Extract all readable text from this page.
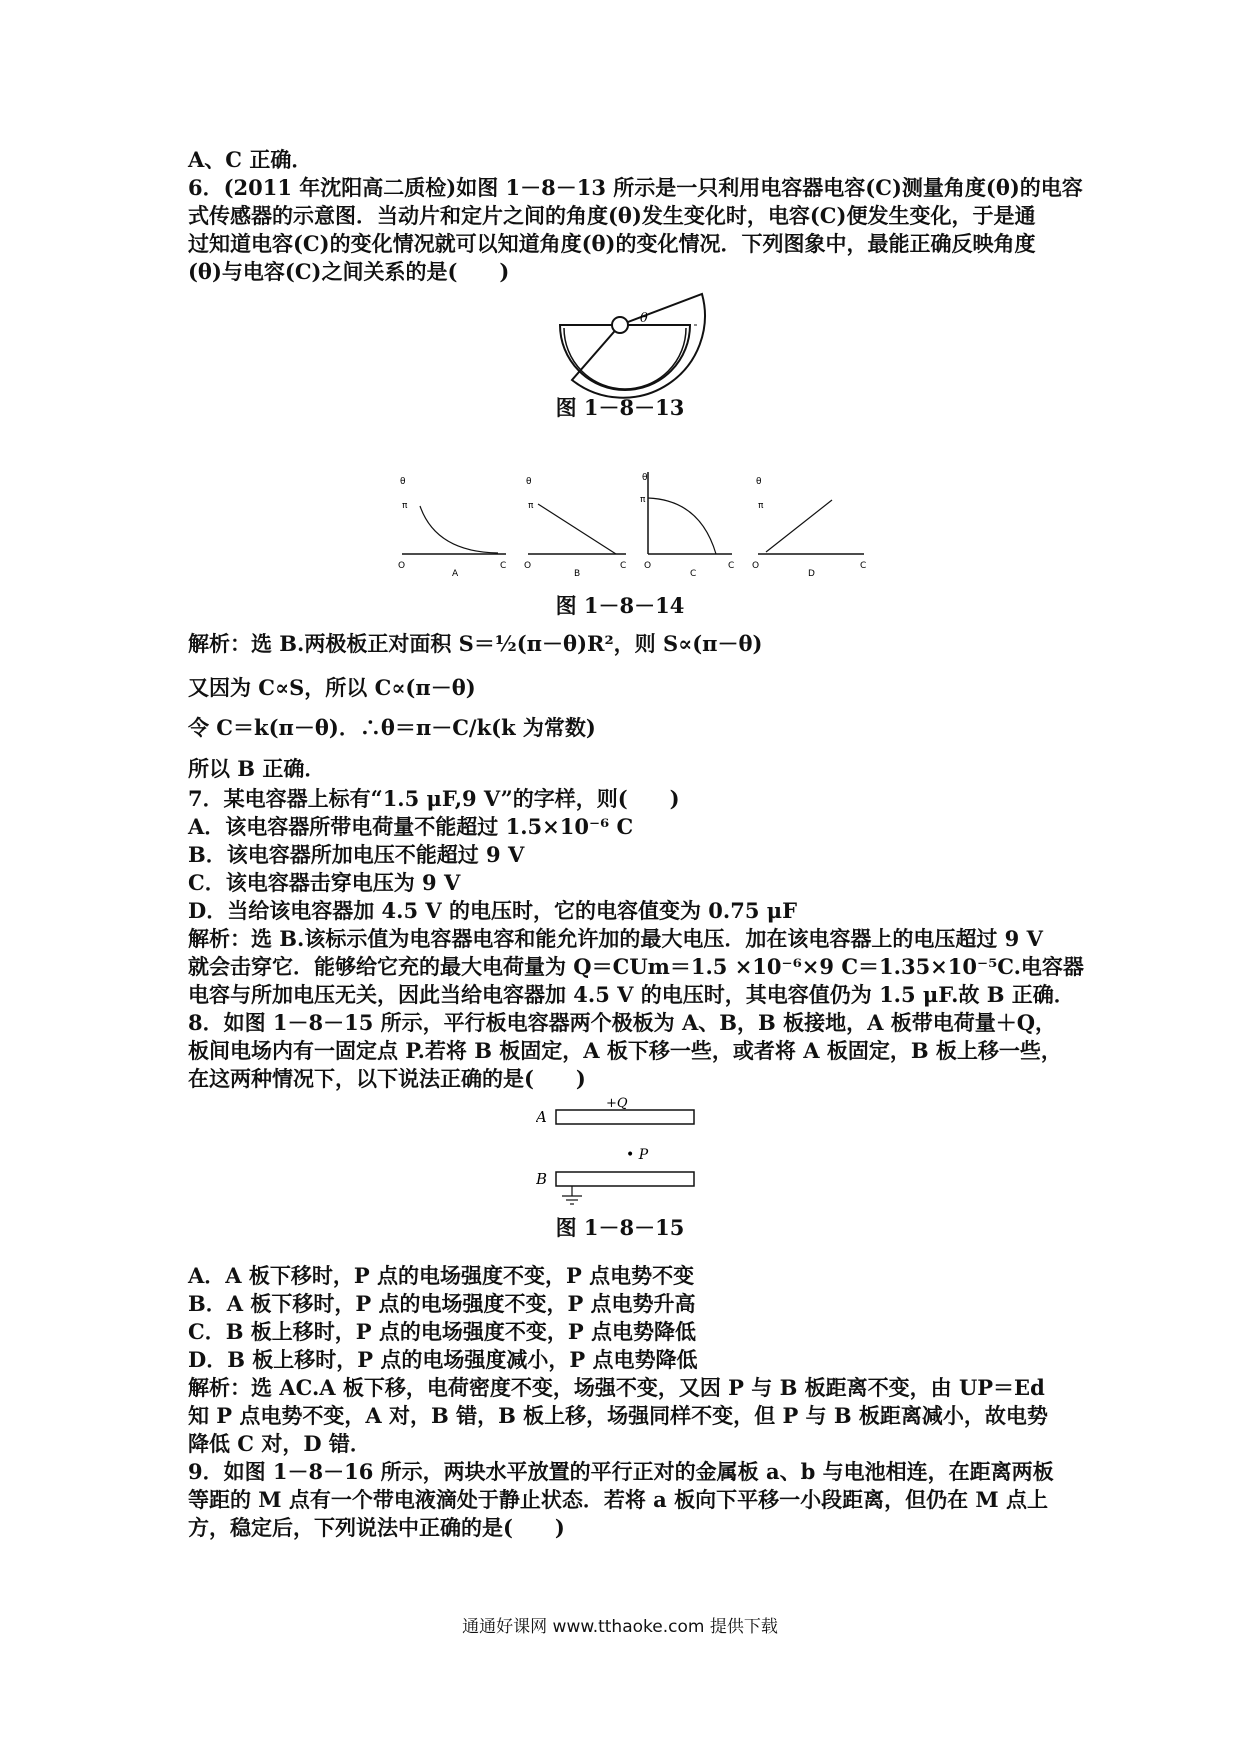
A、C 正确．
6．(2011 年沈阳高二质检)如图 1－8－13 所示是一只利用电容器电容(C)测量角度(θ)的电容
式传感器的示意图．当动片和定片之间的角度(θ)发生变化时，电容(C)便发生变化，于是通
过知道电容(C)的变化情况就可以知道角度(θ)的变化情况．下列图象中，最能正确反映角度
(θ)与电容(C)之间关系的是(　　)
θ
图 1－8－13
θ
π
O	C
A
θ
π
O	C
B
θ
π
O	C
C
θ
π
O	C
D
图 1－8－14
解析：选 B.两极板正对面积 S＝½(π－θ)R²，则 S∝(π－θ)
又因为 C∝S，所以 C∝(π－θ)
令 C＝k(π－θ)．∴θ＝π－C/k(k 为常数)
所以 B 正确．
7．某电容器上标有“1.5 μF,9 V”的字样，则(　　)
A．该电容器所带电荷量不能超过 1.5×10⁻⁶ C
B．该电容器所加电压不能超过 9 V
C．该电容器击穿电压为 9 V
D．当给该电容器加 4.5 V 的电压时，它的电容值变为 0.75 μF
解析：选 B.该标示值为电容器电容和能允许加的最大电压．加在该电容器上的电压超过 9 V
就会击穿它．能够给它充的最大电荷量为 Q＝CUm＝1.5 ×10⁻⁶×9 C＝1.35×10⁻⁵C.电容器
电容与所加电压无关，因此当给电容器加 4.5 V 的电压时，其电容值仍为 1.5 μF.故 B 正确．
8．如图 1－8－15 所示，平行板电容器两个极板为 A、B，B 板接地，A 板带电荷量＋Q，
板间电场内有一固定点 P.若将 B 板固定，A 板下移一些，或者将 A 板固定，B 板上移一些，
在这两种情况下，以下说法正确的是(　　)
A
+Q
• P
B
图 1－8－15
A．A 板下移时，P 点的电场强度不变，P 点电势不变
B．A 板下移时，P 点的电场强度不变，P 点电势升高
C．B 板上移时，P 点的电场强度不变，P 点电势降低
D．B 板上移时，P 点的电场强度减小，P 点电势降低
解析：选 AC.A 板下移，电荷密度不变，场强不变，又因 P 与 B 板距离不变，由 UP＝Ed
知 P 点电势不变，A 对，B 错，B 板上移，场强同样不变，但 P 与 B 板距离减小，故电势
降低 C 对，D 错．
9．如图 1－8－16 所示，两块水平放置的平行正对的金属板 a、b 与电池相连，在距离两板
等距的 M 点有一个带电液滴处于静止状态．若将 a 板向下平移一小段距离，但仍在 M 点上
方，稳定后，下列说法中正确的是(　　)
通通好课网 www.tthaoke.com 提供下载
